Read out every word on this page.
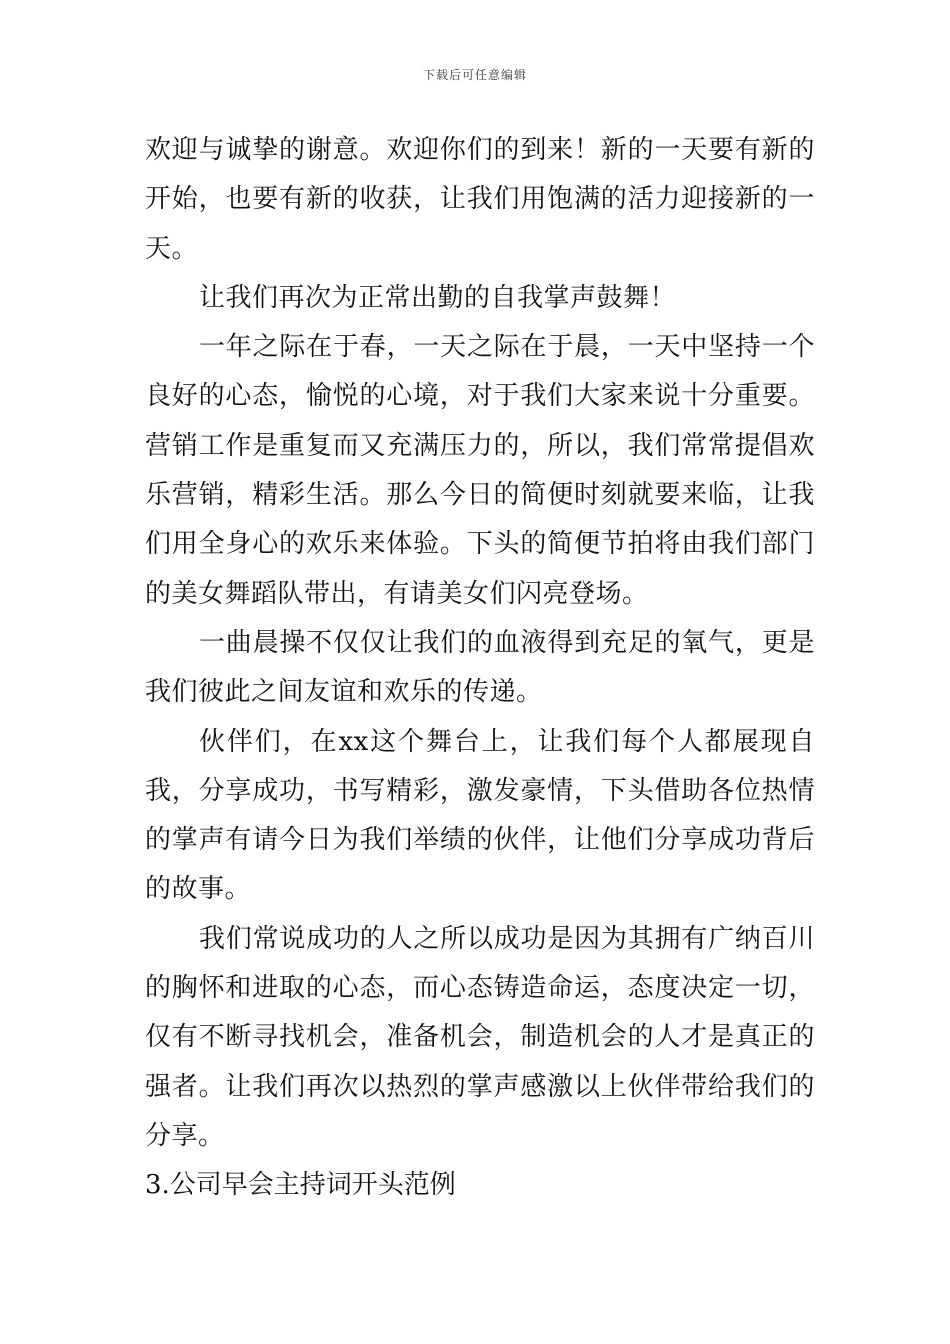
下载后可任意编辑

欢迎与诚挚的谢意。欢迎你们的到来！新的一天要有新的开始，也要有新的收获，让我们用饱满的活力迎接新的一天。

让我们再次为正常出勤的自我掌声鼓舞！

一年之际在于春，一天之际在于晨，一天中坚持一个良好的心态，愉悦的心境，对于我们大家来说十分重要。营销工作是重复而又充满压力的，所以，我们常常提倡欢乐营销，精彩生活。那么今日的简便时刻就要来临，让我们用全身心的欢乐来体验。下头的简便节拍将由我们部门的美女舞蹈队带出，有请美女们闪亮登场。

一曲晨操不仅仅让我们的血液得到充足的氧气，更是我们彼此之间友谊和欢乐的传递。

伙伴们，在xx这个舞台上，让我们每个人都展现自我，分享成功，书写精彩，激发豪情，下头借助各位热情的掌声有请今日为我们举绩的伙伴，让他们分享成功背后的故事。

我们常说成功的人之所以成功是因为其拥有广纳百川的胸怀和进取的心态，而心态铸造命运，态度决定一切，仅有不断寻找机会，准备机会，制造机会的人才是真正的强者。让我们再次以热烈的掌声感激以上伙伴带给我们的分享。

3.公司早会主持词开头范例
